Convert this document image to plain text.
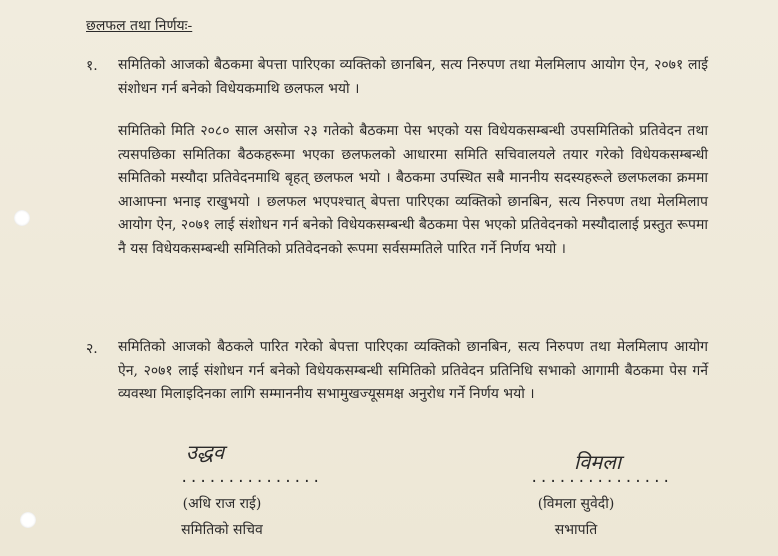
छलफल तथा निर्णयः-
१. समितिको आजको बैठकमा बेपत्ता पारिएका व्यक्तिको छानबिन, सत्य निरुपण तथा मेलमिलाप आयोग ऐन, २०७१ लाई संशोधन गर्न बनेको विधेयकमाथि छलफल भयो ।
समितिको मिति २०८० साल असोज २३ गतेको बैठकमा पेस भएको यस विधेयकसम्बन्धी उपसमितिको प्रतिवेदन तथा त्यसपछिका समितिका बैठकहरूमा भएका छलफलको आधारमा समिति सचिवालयले तयार गरेको विधेयकसम्बन्धी समितिको मस्यौदा प्रतिवेदनमाथि बृहत् छलफल भयो । बैठकमा उपस्थित सबै माननीय सदस्यहरूले छलफलका क्रममा आआफ्ना भनाइ राखुभयो । छलफल भएपश्चात् बेपत्ता पारिएका व्यक्तिको छानबिन, सत्य निरुपण तथा मेलमिलाप आयोग ऐन, २०७१ लाई संशोधन गर्न बनेको विधेयकसम्बन्धी बैठकमा पेस भएको प्रतिवेदनको मस्यौदालाई प्रस्तुत रूपमा नै यस विधेयकसम्बन्धी समितिको प्रतिवेदनको रूपमा सर्वसम्मतिले पारित गर्ने निर्णय भयो ।
२. समितिको आजको बैठकले पारित गरेको बेपत्ता पारिएका व्यक्तिको छानबिन, सत्य निरुपण तथा मेलमिलाप आयोग ऐन, २०७१ लाई संशोधन गर्न बनेको विधेयकसम्बन्धी समितिको प्रतिवेदन प्रतिनिधि सभाको आगामी बैठकमा पेस गर्ने व्यवस्था मिलाइदिनका लागि सम्माननीय सभामुखज्यूसमक्ष अनुरोध गर्ने निर्णय भयो ।
उद्धव
...............
(अधि राज राई)
समितिको सचिव
विमला
...............
(विमला सुवेदी)
सभापति
